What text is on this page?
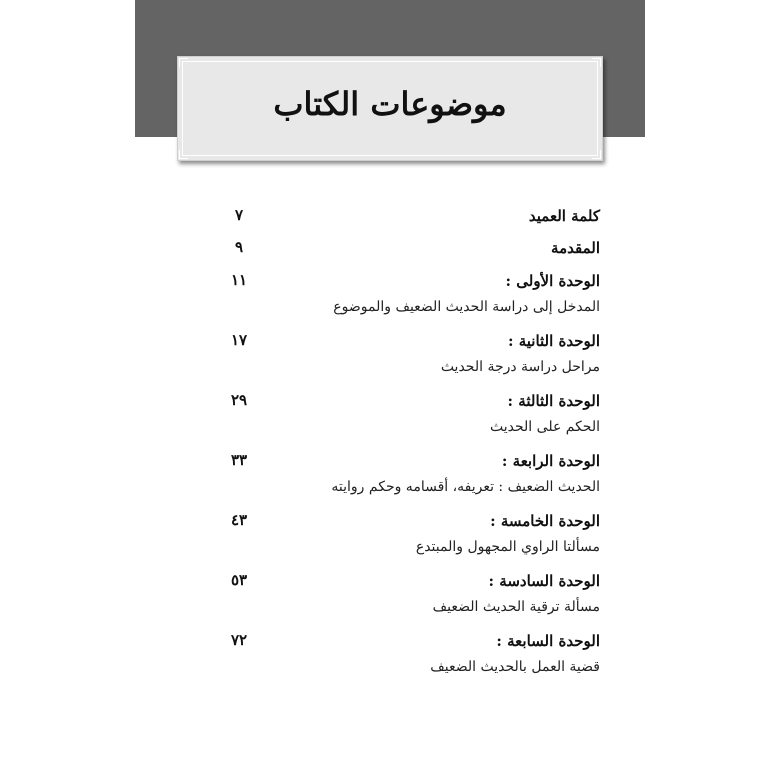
موضوعات الكتاب
كلمة العميد
٧
المقدمة
٩
الوحدة الأولى :
المدخل إلى دراسة الحديث الضعيف والموضوع
١١
الوحدة الثانية :
مراحل دراسة درجة الحديث
١٧
الوحدة الثالثة :
الحكم على الحديث
٢٩
الوحدة الرابعة :
الحديث الضعيف : تعريفه، أقسامه وحكم روايته
٣٣
الوحدة الخامسة :
مسألتا الراوي المجهول والمبتدع
٤٣
الوحدة السادسة :
مسألة ترقية الحديث الضعيف
٥٣
الوحدة السابعة :
قضية العمل بالحديث الضعيف
٧٢
